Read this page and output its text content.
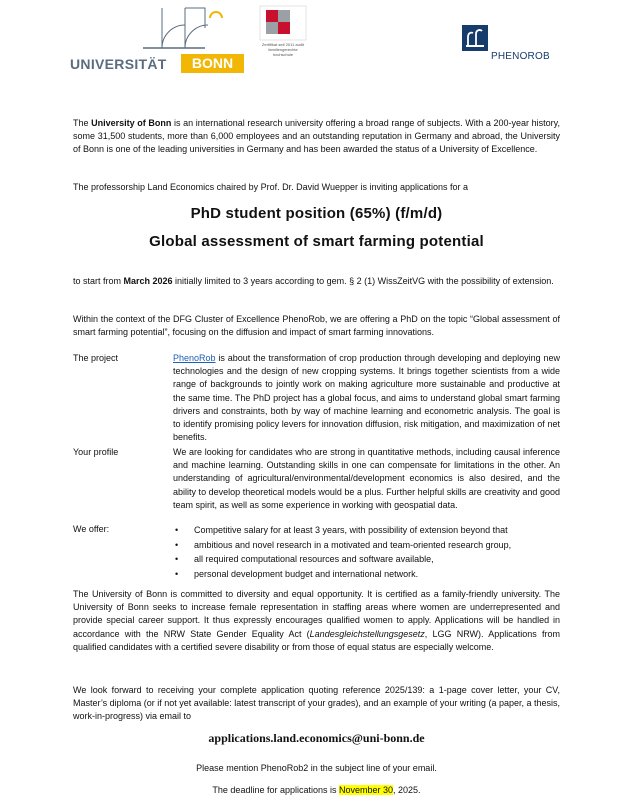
UNIVERSITÄT	BONN
Zertifikat seit 2011 audit familiengerechte hochschule	PHENOROB

The University of Bonn is an international research university offering a broad range of subjects. With a 200-year history, some 31,500 students, more than 6,000 employees and an outstanding reputation in Germany and abroad, the University of Bonn is one of the leading universities in Germany and has been awarded the status of a University of Excellence.

The professorship Land Economics chaired by Prof. Dr. David Wuepper is inviting applications for a

PhD student position (65%) (f/m/d)
Global assessment of smart farming potential

to start from March 2026 initially limited to 3 years according to gem. § 2 (1) WissZeitVG with the possibility of extension.

Within the context of the DFG Cluster of Excellence PhenoRob, we are offering a PhD on the topic “Global assessment of smart farming potential”, focusing on the diffusion and impact of smart farming innovations.

The project	PhenoRob is about the transformation of crop production through developing and deploying new technologies and the design of new cropping systems. It brings together scientists from a wide range of backgrounds to jointly work on making agriculture more sustainable and productive at the same time. The PhD project has a global focus, and aims to understand global smart farming drivers and constraints, both by way of machine learning and econometric analysis. The goal is to identify promising policy levers for innovation diffusion, risk mitigation, and maximization of net benefits.

Your profile	We are looking for candidates who are strong in quantitative methods, including causal inference and machine learning. Outstanding skills in one can compensate for limitations in the other. An understanding of agricultural/environmental/development economics is also desired, and the ability to develop theoretical models would be a plus. Further helpful skills are creativity and good team spirit, as well as some experience in working with geospatial data.

We offer:
•	Competitive salary for at least 3 years, with possibility of extension beyond that
• ambitious and novel research in a motivated and team-oriented research group,
• all required computational resources and software available,
• personal development budget and international network.

The University of Bonn is committed to diversity and equal opportunity. It is certified as a family-friendly university. The University of Bonn seeks to increase female representation in staffing areas where women are underrepresented and provide special career support. It thus expressly encourages qualified women to apply. Applications will be handled in accordance with the NRW State Gender Equality Act (Landesgleichstellungsgesetz, LGG NRW). Applications from qualified candidates with a certified severe disability or from those of equal status are especially welcome.

We look forward to receiving your complete application quoting reference 2025/139: a 1-page cover letter, your CV, Master’s diploma (or if not yet available: latest transcript of your grades), and an example of your writing (a paper, a thesis, work-in-progress) via email to

applications.land.economics@uni-bonn.de
Please mention PhenoRob2 in the subject line of your email.
The deadline for applications is November 30, 2025.
